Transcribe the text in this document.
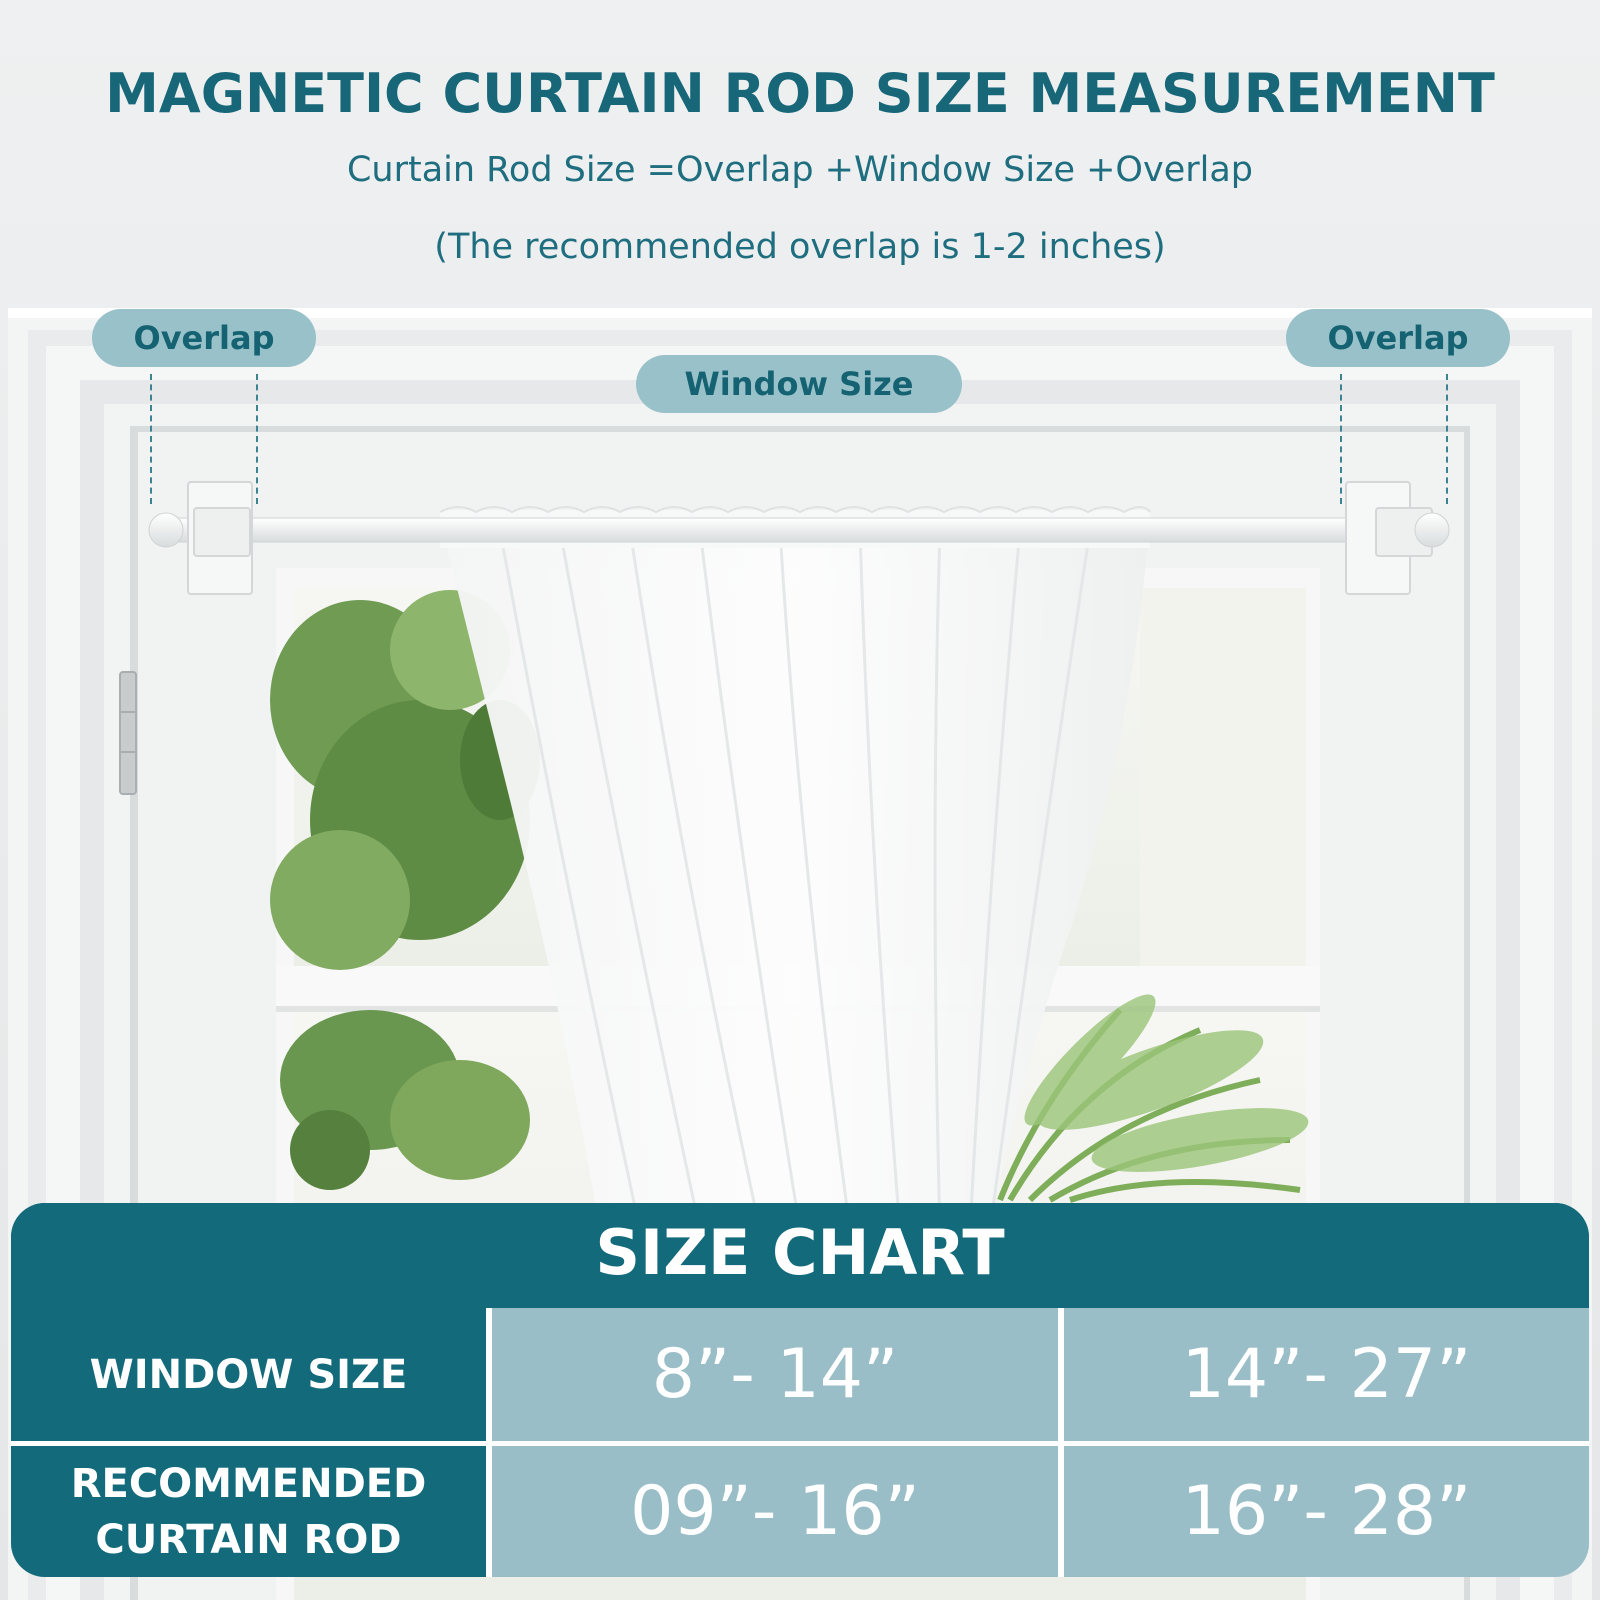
MAGNETIC CURTAIN ROD SIZE MEASUREMENT
Curtain Rod Size =Overlap +Window Size +Overlap
(The recommended overlap is 1-2 inches)
Overlap	Overlap
Window Size
SIZE CHART
WINDOW SIZE	8”- 14”	14”- 27”
RECOMMENDED
CURTAIN ROD	09”- 16”	16”- 28”
